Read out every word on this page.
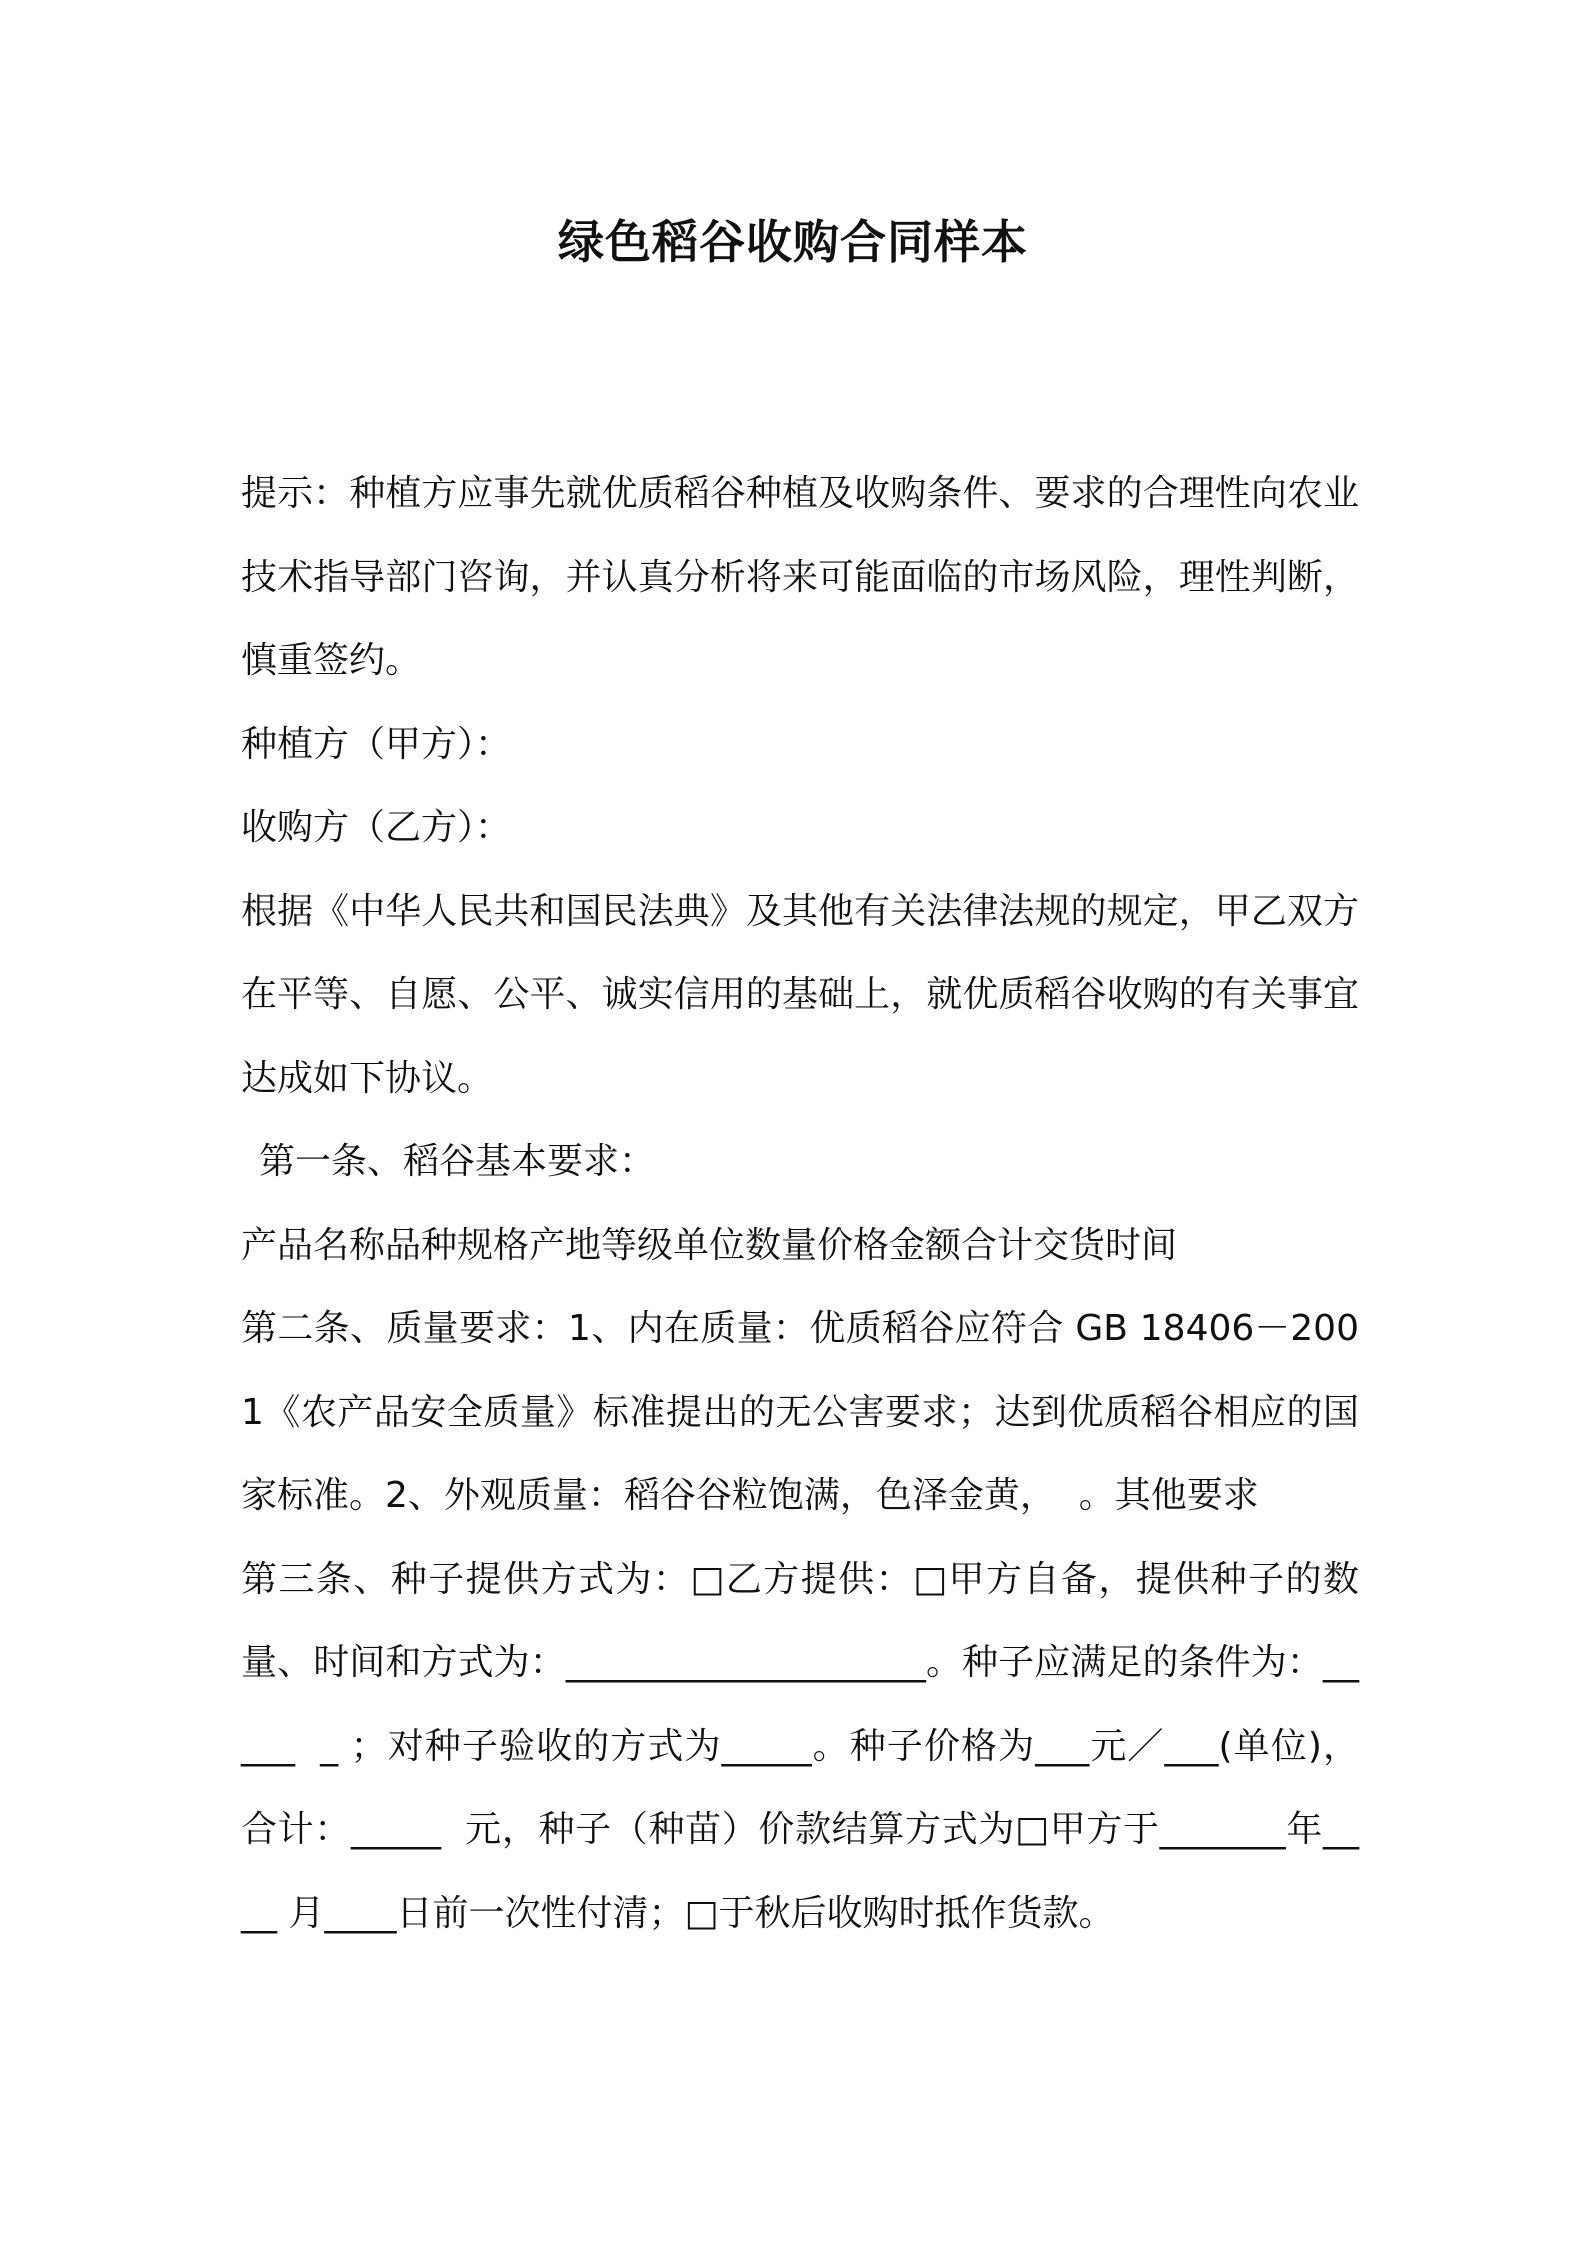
绿色稻谷收购合同样本

提示：种植方应事先就优质稻谷种植及收购条件、要求的合理性向农业技术指导部门咨询，并认真分析将来可能面临的市场风险，理性判断，慎重签约。

种植方（甲方）：

收购方（乙方）：

根据《中华人民共和国民法典》及其他有关法律法规的规定，甲乙双方在平等、自愿、公平、诚实信用的基础上，就优质稻谷收购的有关事宜达成如下协议。

第一条、稻谷基本要求：

产品名称品种规格产地等级单位数量价格金额合计交货时间

第二条、质量要求：1、内在质量：优质稻谷应符合 GB 18406－2001《农产品安全质量》标准提出的无公害要求；达到优质稻谷相应的国家标准。2、外观质量：稻谷谷粒饱满，色泽金黄，  。其他要求

第三条、种子提供方式为：□乙方提供：□甲方自备，提供种子的数量、时间和方式为：____________________。种子应满足的条件为：_____  _ ；对种子验收的方式为_____。种子价格为___元／___(单位)，合计：_____  元，种子（种苗）价款结算方式为□甲方于_______年____ 月____日前一次性付清；□于秋后收购时抵作货款。
